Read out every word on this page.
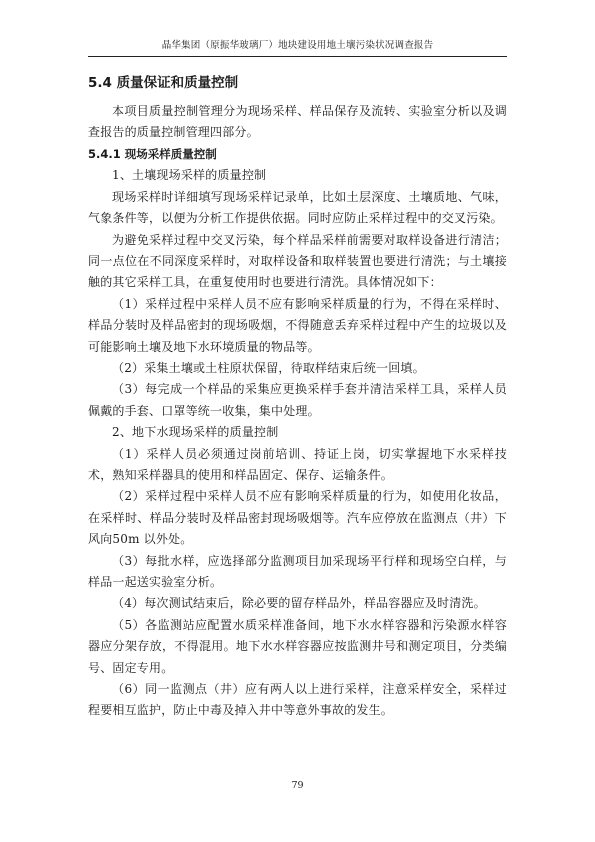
晶华集团（原振华玻璃厂）地块建设用地土壤污染状况调查报告
5.4 质量保证和质量控制

本项目质量控制管理分为现场采样、样品保存及流转、实验室分析以及调查报告的质量控制管理四部分。

5.4.1 现场采样质量控制

1、土壤现场采样的质量控制

现场采样时详细填写现场采样记录单，比如土层深度、土壤质地、气味，气象条件等，以便为分析工作提供依据。同时应防止采样过程中的交叉污染。

为避免采样过程中交叉污染，每个样品采样前需要对取样设备进行清洁；同一点位在不同深度采样时，对取样设备和取样装置也要进行清洗；与土壤接触的其它采样工具，在重复使用时也要进行清洗。具体情况如下：

（1）采样过程中采样人员不应有影响采样质量的行为，不得在采样时、样品分装时及样品密封的现场吸烟，不得随意丢弃采样过程中产生的垃圾以及可能影响土壤及地下水环境质量的物品等。

（2）采集土壤或土柱原状保留，待取样结束后统一回填。

（3）每完成一个样品的采集应更换采样手套并清洁采样工具，采样人员佩戴的手套、口罩等统一收集，集中处理。

2、地下水现场采样的质量控制

（1）采样人员必须通过岗前培训、持证上岗，切实掌握地下水采样技术，熟知采样器具的使用和样品固定、保存、运输条件。

（2）采样过程中采样人员不应有影响采样质量的行为，如使用化妆品，在采样时、样品分装时及样品密封现场吸烟等。汽车应停放在监测点（井）下风向50m 以外处。

（3）每批水样，应选择部分监测项目加采现场平行样和现场空白样，与样品一起送实验室分析。

（4）每次测试结束后，除必要的留存样品外，样品容器应及时清洗。

（5）各监测站应配置水质采样准备间，地下水水样容器和污染源水样容器应分架存放，不得混用。地下水水样容器应按监测井号和测定项目，分类编号、固定专用。

（6）同一监测点（井）应有两人以上进行采样，注意采样安全，采样过程要相互监护，防止中毒及掉入井中等意外事故的发生。

79
